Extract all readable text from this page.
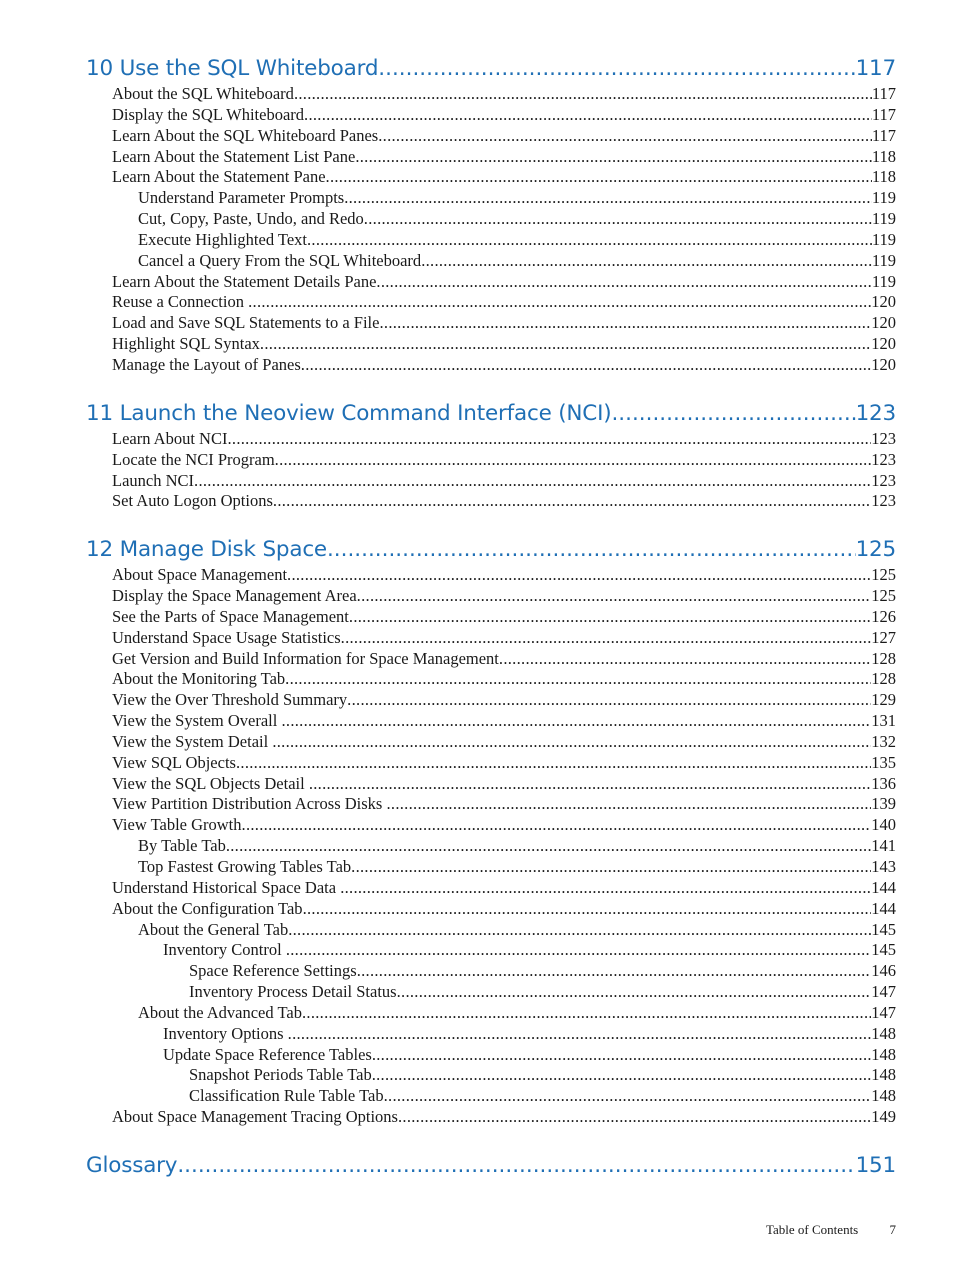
10 Use the SQL Whiteboard .....	117
About the SQL Whiteboard .....	117
Display the SQL Whiteboard .....	117
Learn About the SQL Whiteboard Panes .....	117
Learn About the Statement List Pane .....	118
Learn About the Statement Pane .....	118
Understand Parameter Prompts .....	119
Cut, Copy, Paste, Undo, and Redo .....	119
Execute Highlighted Text .....	119
Cancel a Query From the SQL Whiteboard .....	119
Learn About the Statement Details Pane .....	119
Reuse a Connection .....	120
Load and Save SQL Statements to a File .....	120
Highlight SQL Syntax .....	120
Manage the Layout of Panes .....	120
11 Launch the Neoview Command Interface (NCI) .....	123
Learn About NCI .....	123
Locate the NCI Program .....	123
Launch NCI .....	123
Set Auto Logon Options .....	123
12 Manage Disk Space .....	125
About Space Management .....	125
Display the Space Management Area .....	125
See the Parts of Space Management .....	126
Understand Space Usage Statistics .....	127
Get Version and Build Information for Space Management .....	128
About the Monitoring Tab .....	128
View the Over Threshold Summary .....	129
View the System Overall .....	131
View the System Detail .....	132
View SQL Objects .....	135
View the SQL Objects Detail .....	136
View Partition Distribution Across Disks .....	139
View Table Growth .....	140
By Table Tab .....	141
Top Fastest Growing Tables Tab .....	143
Understand Historical Space Data .....	144
About the Configuration Tab .....	144
About the General Tab .....	145
Inventory Control .....	145
Space Reference Settings .....	146
Inventory Process Detail Status .....	147
About the Advanced Tab .....	147
Inventory Options .....	148
Update Space Reference Tables .....	148
Snapshot Periods Table Tab .....	148
Classification Rule Table Tab .....	148
About Space Management Tracing Options .....	149
Glossary .....	151
Table of Contents 7
